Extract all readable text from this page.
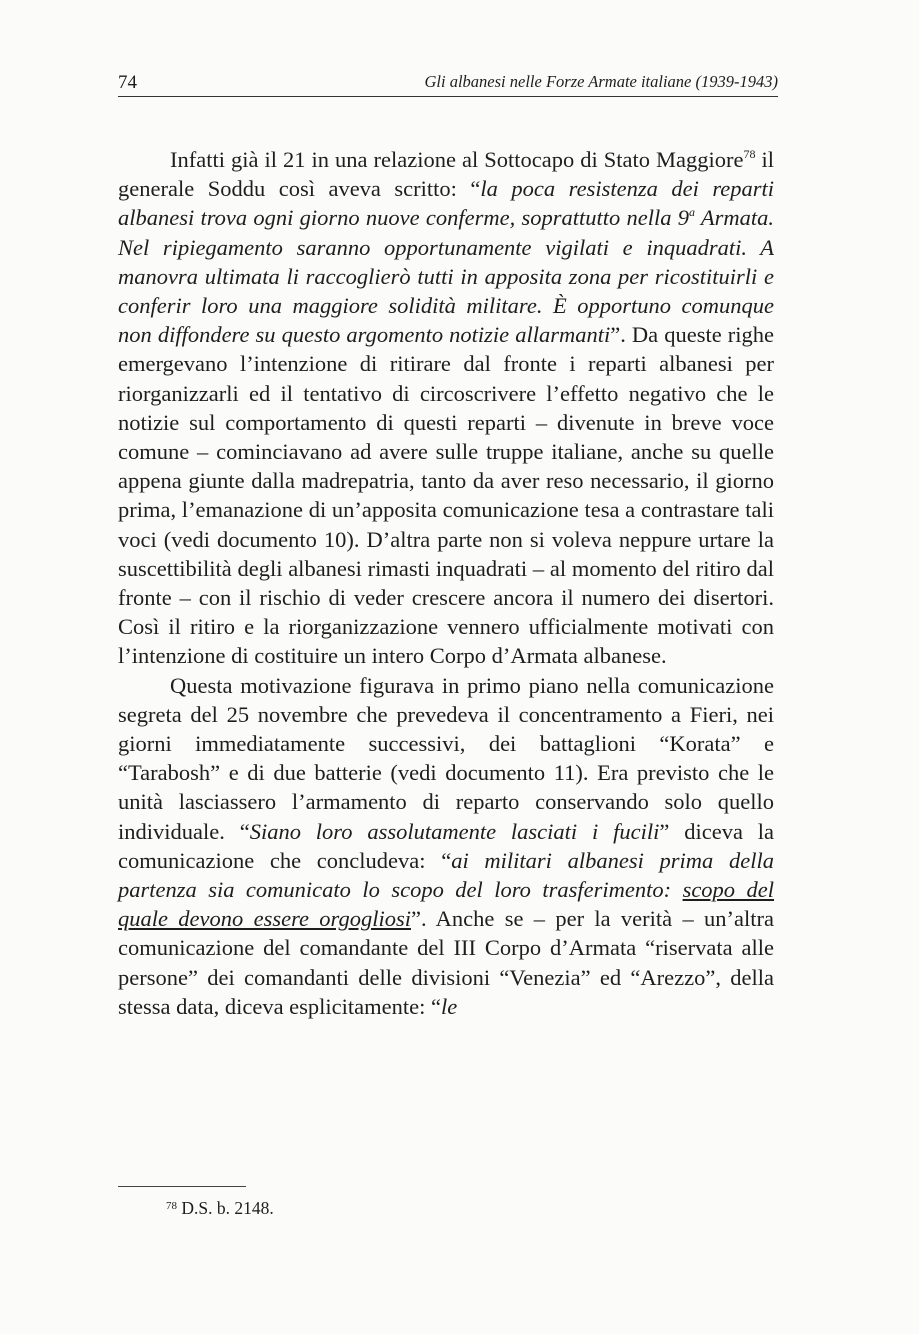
74	Gli albanesi nelle Forze Armate italiane (1939-1943)

Infatti già il 21 in una relazione al Sottocapo di Stato Maggiore$^{78}$ il generale Soddu così aveva scritto: “la poca resistenza dei reparti albanesi trova ogni giorno nuove conferme, soprattutto nella 9$^a$ Armata. Nel ripiegamento saranno opportunamente vigilati e inquadrati. A manovra ultimata li raccoglierò tutti in apposita zona per ricostituirli e conferir loro una maggiore solidità militare. È opportuno comunque non diffondere su questo argomento notizie allarmanti”. Da queste righe emergevano l’intenzione di ritirare dal fronte i reparti albanesi per riorganizzarli ed il tentativo di circoscrivere l’effetto negativo che le notizie sul comportamento di questi reparti – divenute in breve voce comune – cominciavano ad avere sulle truppe italiane, anche su quelle appena giunte dalla madrepatria, tanto da aver reso necessario, il giorno prima, l’emanazione di un’apposita comunicazione tesa a contrastare tali voci (vedi documento 10). D’altra parte non si voleva neppure urtare la suscettibilità degli albanesi rimasti inquadrati – al momento del ritiro dal fronte – con il rischio di veder crescere ancora il numero dei disertori. Così il ritiro e la riorganizzazione vennero ufficialmente motivati con l’intenzione di costituire un intero Corpo d’Armata albanese.

Questa motivazione figurava in primo piano nella comunicazione segreta del 25 novembre che prevedeva il concentramento a Fieri, nei giorni immediatamente successivi, dei battaglioni “Korata” e “Tarabosh” e di due batterie (vedi documento 11). Era previsto che le unità lasciassero l’armamento di reparto conservando solo quello individuale. “Siano loro assolutamente lasciati i fucili” diceva la comunicazione che concludeva: “ai militari albanesi prima della partenza sia comunicato lo scopo del loro trasferimento: scopo del quale devono essere orgogliosi”. Anche se – per la verità – un’altra comunicazione del comandante del III Corpo d’Armata “riservata alle persone” dei comandanti delle divisioni “Venezia” ed “Arezzo”, della stessa data, diceva esplicitamente: “le

$^{78}$ D.S. b. 2148.
